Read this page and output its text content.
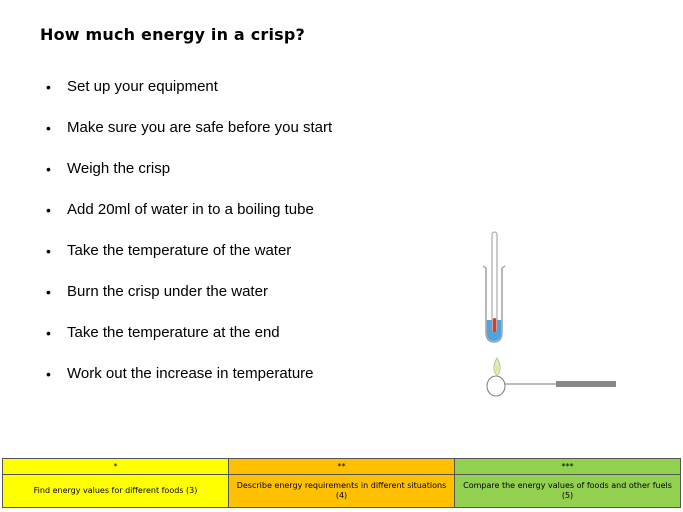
How much energy in a crisp?
•	Set up your equipment
•	Make sure you are safe before you start
•	Weigh the crisp
•	Add 20ml of water in to a boiling tube
•	Take the temperature of the water
•	Burn the crisp under the water
•	Take the temperature at the end
•	Work out the increase in temperature
*	**	***
Find energy values for different foods (3)	Describe energy requirements in different situations (4)	Compare the energy values of foods and other fuels (5)
